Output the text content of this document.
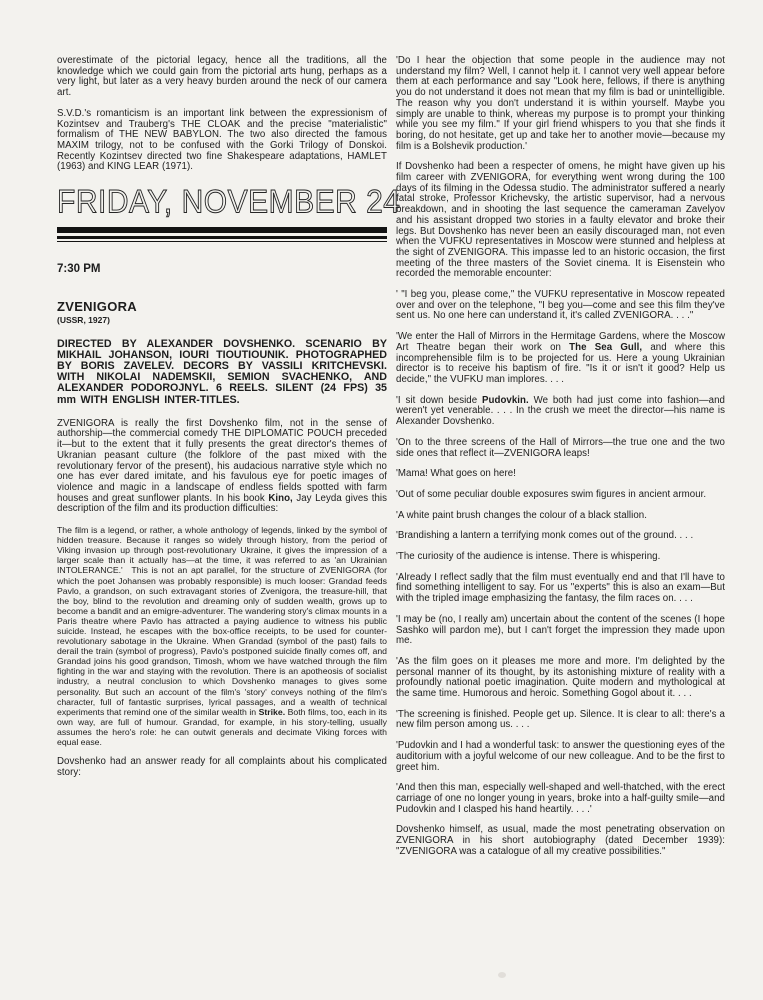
overestimate of the pictorial legacy, hence all the traditions, all the knowledge which we could gain from the pictorial arts hung, perhaps as a very light, but later as a very heavy burden around the neck of our camera art.

S.V.D.'s romanticism is an important link between the expressionism of Kozintsev and Trauberg's THE CLOAK and the precise "materialistic" formalism of THE NEW BABYLON. The two also directed the famous MAXIM trilogy, not to be confused with the Gorki Trilogy of Donskoi. Recently Kozintsev directed two fine Shakespeare adaptations, HAMLET (1963) and KING LEAR (1971).

FRIDAY, NOVEMBER 24
7:30 PM
ZVENIGORA
(USSR, 1927)

DIRECTED BY ALEXANDER DOVSHENKO. SCENARIO BY MIKHAIL JOHANSON, IOURI TIOUTIOUNIK. PHOTOGRAPHED BY BORIS ZAVELEV. DECORS BY VASSILI KRITCHEVSKI. WITH NIKOLAI NADEMSKII, SEMION SVACHENKO, AND ALEXANDER PODOROJNYL. 6 REELS. SILENT (24 FPS) 35 mm WITH ENGLISH INTER-TITLES.

ZVENIGORA is really the first Dovshenko film, not in the sense of authorship—the commercial comedy THE DIPLOMATIC POUCH preceded it—but to the extent that it fully presents the great director's themes of Ukranian peasant culture (the folklore of the past mixed with the revolutionary fervor of the present), his audacious narrative style which no one has ever dared imitate, and his favulous eye for poetic images of violence and magic in a landscape of endless fields spotted with farm houses and great sunflower plants. In his book Kino, Jay Leyda gives this description of the film and its production difficulties:

The film is a legend, or rather, a whole anthology of legends, linked by the symbol of hidden treasure. Because it ranges so widely through history, from the period of Viking invasion up through post-revolutionary Ukraine, it gives the impression of a larger scale than it actually has—at the time, it was referred to as 'an Ukrainian INTOLERANCE.'  This is not an apt parallel, for the structure of ZVENIGORA (for which the poet Johansen was probably responsible) is much looser: Grandad feeds Pavlo, a grandson, on such extravagant stories of Zvenigora, the treasure-hill, that the boy, blind to the revolution and dreaming only of sudden wealth, grows up to become a bandit and an emigre-adventurer. The wandering story's climax mounts in a Paris theatre where Pavlo has attracted a paying audience to witness his public suicide. Instead, he escapes with the box-office receipts, to be used for counter-revolutionary sabotage in the Ukraine. When Grandad (symbol of the past) fails to derail the train (symbol of progress), Pavlo's postponed suicide finally comes off, and Grandad joins his good grandson, Timosh, whom we have watched through the film fighting in the war and staying with the revolution. There is an apotheosis of socialist industry, a neutral conclusion to which Dovshenko manages to gives some personality. But such an account of the film's 'story' conveys nothing of the film's character, full of fantastic surprises, lyrical passages, and a wealth of technical experiments that remind one of the similar wealth in Strike. Both films, too, each in its own way, are full of humour. Grandad, for example, in his story-telling, usually assumes the hero's role: he can outwit generals and decimate Viking forces with equal ease.

Dovshenko had an answer ready for all complaints about his complicated story:

'Do I hear the objection that some people in the audience may not understand my film? Well, I cannot help it. I cannot very well appear before them at each performance and say "Look here, fellows, if there is anything you do not understand it does not mean that my film is bad or unintelligible. The reason why you don't understand it is within yourself. Maybe you simply are unable to think, whereas my purpose is to prompt your thinking while you see my film." If your girl friend whispers to you that she finds it boring, do not hesitate, get up and take her to another movie—because my film is a Bolshevik production.'

If Dovshenko had been a respecter of omens, he might have given up his film career with ZVENIGORA, for everything went wrong during the 100 days of its filming in the Odessa studio. The administrator suffered a nearly fatal stroke, Professor Krichevsky, the artistic supervisor, had a nervous breakdown, and in shooting the last sequence the cameraman Zavelyov and his assistant dropped two stories in a faulty elevator and broke their legs. But Dovshenko has never been an easily discouraged man, not even when the VUFKU representatives in Moscow were stunned and helpless at the sight of ZVENIGORA. This impasse led to an historic occasion, the first meeting of the three masters of the Soviet cinema. It is Eisenstein who recorded the memorable encounter:

' "I beg you, please come," the VUFKU representative in Moscow repeated over and over on the telephone, "I beg you—come and see this film they've sent us. No one here can understand it, it's called ZVENIGORA. . . ."

'We enter the Hall of Mirrors in the Hermitage Gardens, where the Moscow Art Theatre began their work on The Sea Gull, and where this incomprehensible film is to be projected for us. Here a young Ukrainian director is to receive his baptism of fire. "Is it or isn't it good? Help us decide," the VUFKU man implores. . . .

'I sit down beside Pudovkin. We both had just come into fashion—and weren't yet venerable. . . . In the crush we meet the director—his name is Alexander Dovshenko.

'On to the three screens of the Hall of Mirrors—the true one and the two side ones that reflect it—ZVENIGORA leaps!

'Mama! What goes on here!

'Out of some peculiar double exposures swim figures in ancient armour.

'A white paint brush changes the colour of a black stallion.

'Brandishing a lantern a terrifying monk comes out of the ground. . . .

'The curiosity of the audience is intense. There is whispering.

'Already I reflect sadly that the film must eventually end and that I'll have to find something intelligent to say. For us "experts" this is also an exam—But with the tripled image emphasizing the fantasy, the film races on. . . .

'I may be (no, I really am) uncertain about the content of the scenes (I hope Sashko will pardon me), but I can't forget the impression they made upon me.

'As the film goes on it pleases me more and more. I'm delighted by the personal manner of its thought, by its astonishing mixture of reality with a profoundly national poetic imagination. Quite modern and mythological at the same time. Humorous and heroic. Something Gogol about it. . . .

'The screening is finished. People get up. Silence. It is clear to all: there's a new film person among us. . . .

'Pudovkin and I had a wonderful task: to answer the questioning eyes of the auditorium with a joyful welcome of our new colleague. And to be the first to greet him.

'And then this man, especially well-shaped and well-thatched, with the erect carriage of one no longer young in years, broke into a half-guilty smile—and Pudovkin and I clasped his hand heartily. . . .'

Dovshenko himself, as usual, made the most penetrating observation on ZVENIGORA in his short autobiography (dated December 1939): "ZVENIGORA was a catalogue of all my creative possibilities."
